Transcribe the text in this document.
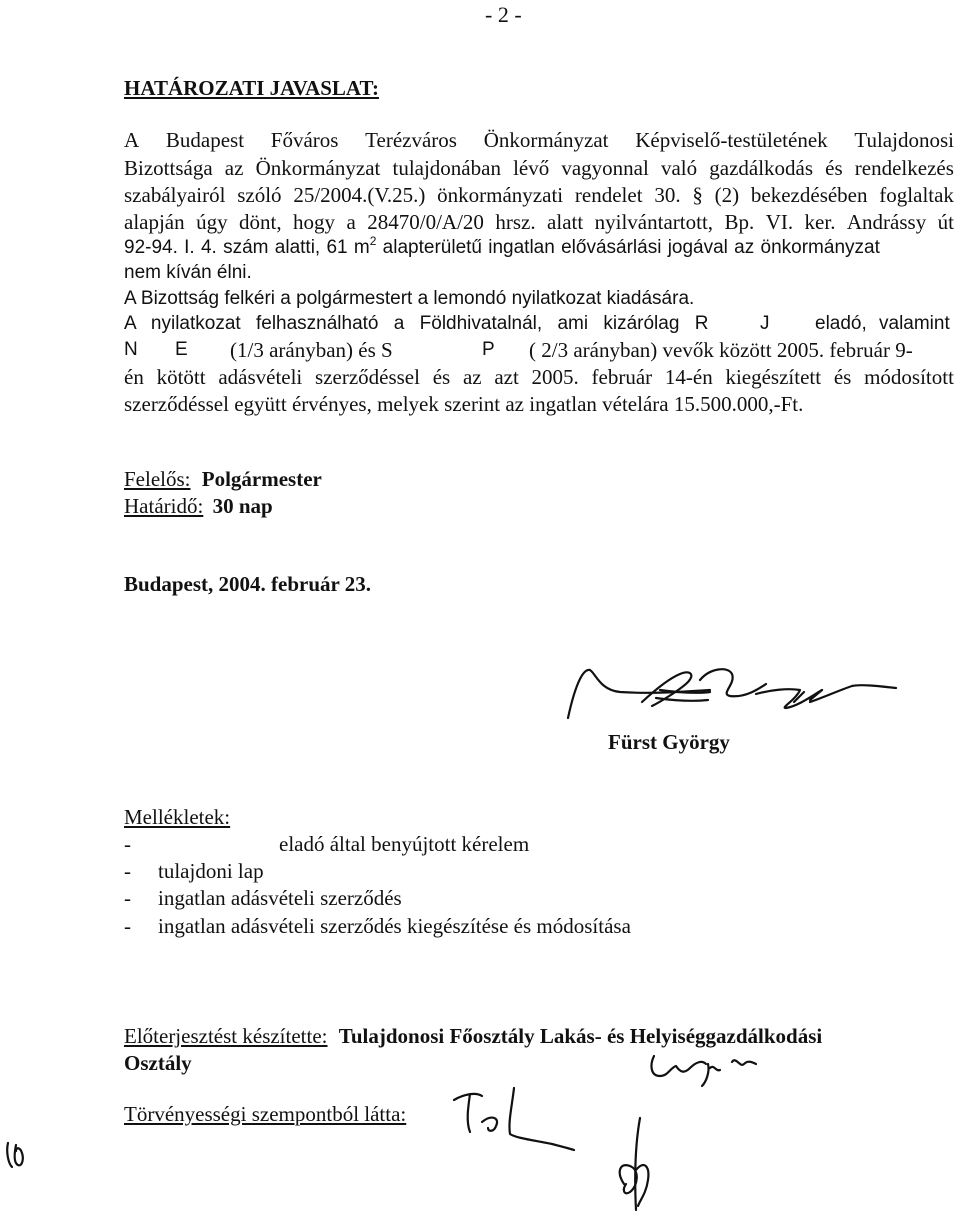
- 2 -
HATÁROZATI JAVASLAT:
A Budapest Főváros Terézváros Önkormányzat Képviselő-testületének Tulajdonosi
Bizottsága az Önkormányzat tulajdonában lévő vagyonnal való gazdálkodás és rendelkezés
szabályairól szóló 25/2004.(V.25.) önkormányzati rendelet 30. § (2) bekezdésében foglaltak
alapján úgy dönt, hogy a 28470/0/A/20 hrsz. alatt nyilvántartott, Bp. VI. ker. Andrássy út
92-94. I. 4. szám alatti, 61 $m^2$ alapterületű ingatlan elővásárlási jogával az önkormányzat
nem kíván élni.
A Bizottság felkéri a polgármestert a lemondó nyilatkozat kiadására.
A nyilatkozat felhasználható a Földhivatalnál, ami kizárólag R	J eladó, valamint
N E (1/3 arányban) és S	P ( 2/3 arányban) vevők között 2005. február 9-
én kötött adásvételi szerződéssel és az azt 2005. február 14-én kiegészített és módosított
szerződéssel együtt érvényes, melyek szerint az ingatlan vételára 15.500.000,-Ft.
Felelős: Polgármester
Határidő: 30 nap
Budapest, 2004. február 23.
Fürst György
Mellékletek:
-	eladó által benyújtott kérelem
- tulajdoni lap
- ingatlan adásvételi szerződés
- ingatlan adásvételi szerződés kiegészítése és módosítása
Előterjesztést készítette: Tulajdonosi Főosztály Lakás- és Helyiséggazdálkodási
Osztály
Törvényességi szempontból látta:
